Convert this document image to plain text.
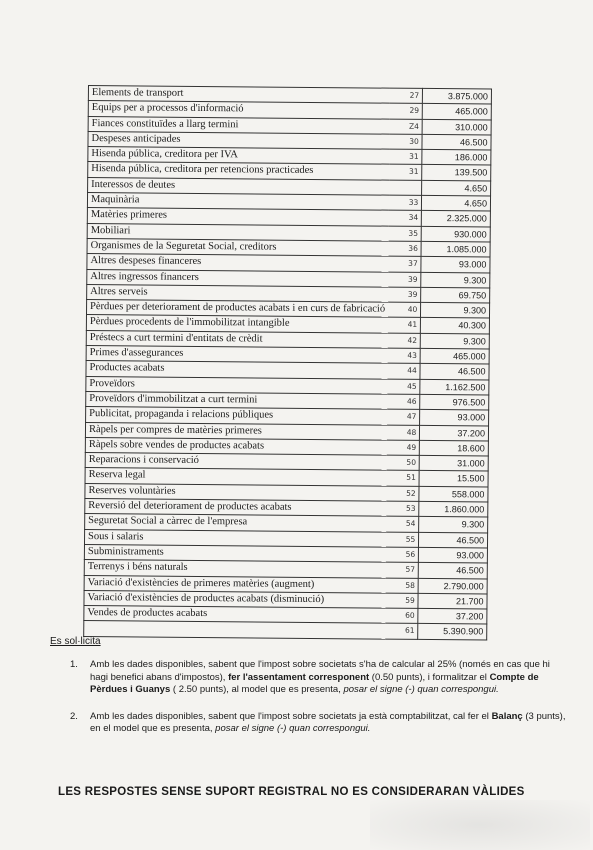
Elements de transport	27	3.875.000
Equips per a processos d'informació	29	465.000
Fiances constituïdes a llarg termini	Z4	310.000
Despeses anticipades	30	46.500
Hisenda pública, creditora per IVA	31	186.000
Hisenda pública, creditora per retencions practicades	31	139.500
Interessos de deutes		4.650
Maquinària	33	4.650
Matèries primeres	34	2.325.000
Mobiliari	35	930.000
Organismes de la Seguretat Social, creditors	36	1.085.000
Altres despeses financeres	37	93.000
Altres ingressos financers	39	9.300
Altres serveis	39	69.750
Pèrdues per deteriorament de productes acabats i en curs de fabricació	40	9.300
Pèrdues procedents de l'immobilitzat intangible	41	40.300
Préstecs a curt termini d'entitats de crèdit	42	9.300
Primes d'assegurances	43	465.000
Productes acabats	44	46.500
Proveïdors	45	1.162.500
Proveïdors d'immobilitzat a curt termini	46	976.500
Publicitat, propaganda i relacions públiques	47	93.000
Ràpels per compres de matèries primeres	48	37.200
Ràpels sobre vendes de productes acabats	49	18.600
Reparacions i conservació	50	31.000
Reserva legal	51	15.500
Reserves voluntàries	52	558.000
Reversió del deteriorament de productes acabats	53	1.860.000
Seguretat Social a càrrec de l'empresa	54	9.300
Sous i salaris	55	46.500
Subministraments	56	93.000
Terrenys i béns naturals	57	46.500
Variació d'existències de primeres matèries (augment)	58	2.790.000
Variació d'existències de productes acabats (disminució)	59	21.700
Vendes de productes acabats	60	37.200
	61	5.390.900
Es sol·licita
1.	Amb les dades disponibles, sabent que l'impost sobre societats s'ha de calcular al 25% (només en cas que hi hagi benefici abans d'impostos), fer l'assentament corresponent (0.50 punts), i formalitzar el Compte de Pèrdues i Guanys ( 2.50 punts), al model que es presenta, posar el signe (-) quan correspongui.
2.	Amb les dades disponibles, sabent que l'impost sobre societats ja està comptabilitzat, cal fer el Balanç (3 punts), en el model que es presenta, posar el signe (-) quan correspongui.
LES RESPOSTES SENSE SUPORT REGISTRAL NO ES CONSIDERARAN VÀLIDES
